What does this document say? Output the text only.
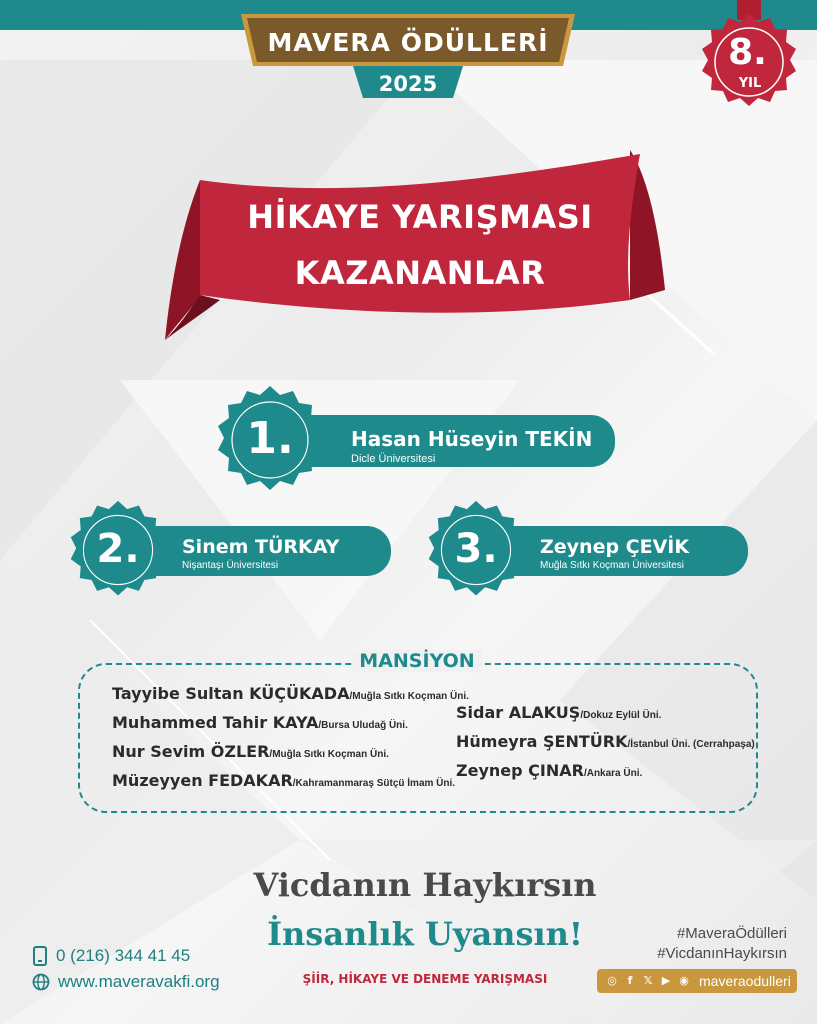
MAVERA ÖDÜLLERİ
2025
8.
YIL
HİKAYE YARIŞMASI
KAZANANLAR
1.	Hasan Hüseyin TEKİN
Dicle Üniversitesi
2.	Sinem TÜRKAY
Nişantaşı Üniversitesi	3.	Zeynep ÇEVİK
Muğla Sıtkı Koçman Üniversitesi
MANSİYON
Tayyibe Sultan KÜÇÜKADA/Muğla Sıtkı Koçman Üni.
Muhammed Tahir KAYA/Bursa Uludağ Üni.
Nur Sevim ÖZLER/Muğla Sıtkı Koçman Üni.
Müzeyyen FEDAKAR/Kahramanmaraş Sütçü İmam Üni.
Sidar ALAKUŞ/Dokuz Eylül Üni.
Hümeyra ŞENTÜRK/İstanbul Üni. (Cerrahpaşa)
Zeynep ÇINAR/Ankara Üni.
Vicdanın Haykırsın
İnsanlık Uyansın!
ŞİİR, HİKAYE VE DENEME YARIŞMASI
0 (216) 344 41 45
www.maveravakfi.org
#MaveraÖdülleri
#VicdanınHaykırsın
◎ f	𝕏 ▶ ◉ maveraodulleri
